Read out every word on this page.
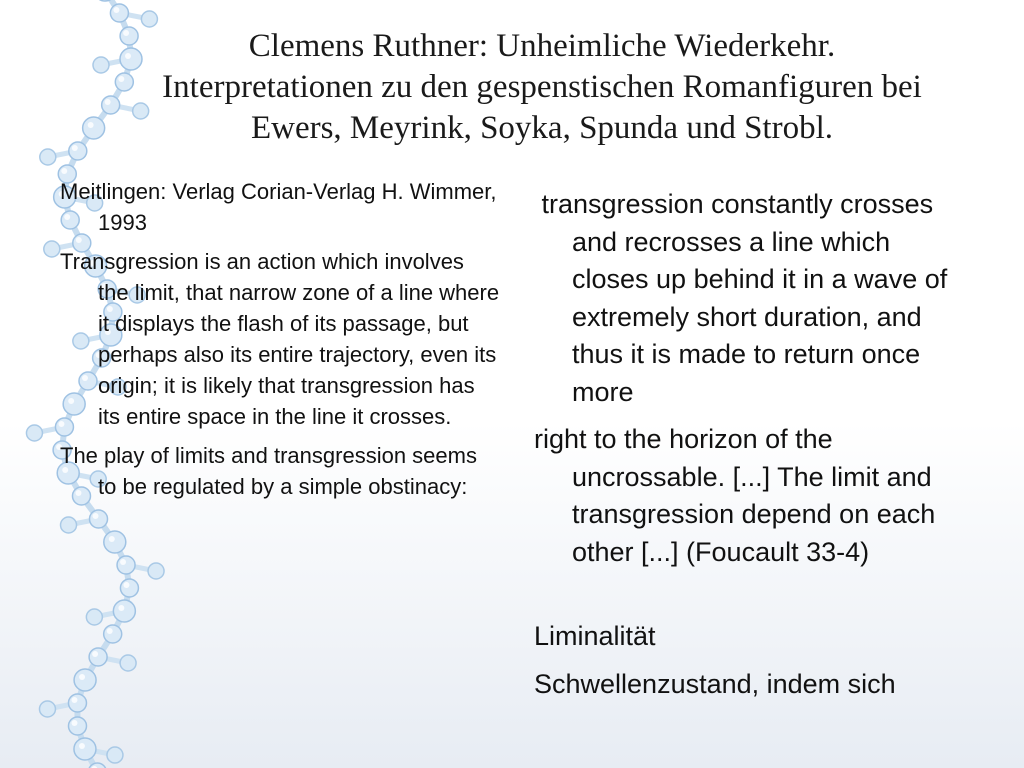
Clemens Ruthner: Unheimliche Wiederkehr.
Interpretationen zu den gespenstischen Romanfiguren bei
Ewers, Meyrink, Soyka, Spunda und Strobl.

Meitlingen: Verlag Corian-Verlag H. Wimmer, 1993

Transgression is an action which involves the limit, that narrow zone of a line where it displays the flash of its passage, but perhaps also its entire trajectory, even its origin; it is likely that transgression has its entire space in the line it crosses.

The play of limits and transgression seems to be regulated by a simple obstinacy:

transgression constantly crosses and recrosses a line which closes up behind it in a wave of extremely short duration, and thus it is made to return once more

right to the horizon of the uncrossable. [...] The limit and transgression depend on each other [...] (Foucault 33-4)

Liminalität

Schwellenzustand, indem sich
